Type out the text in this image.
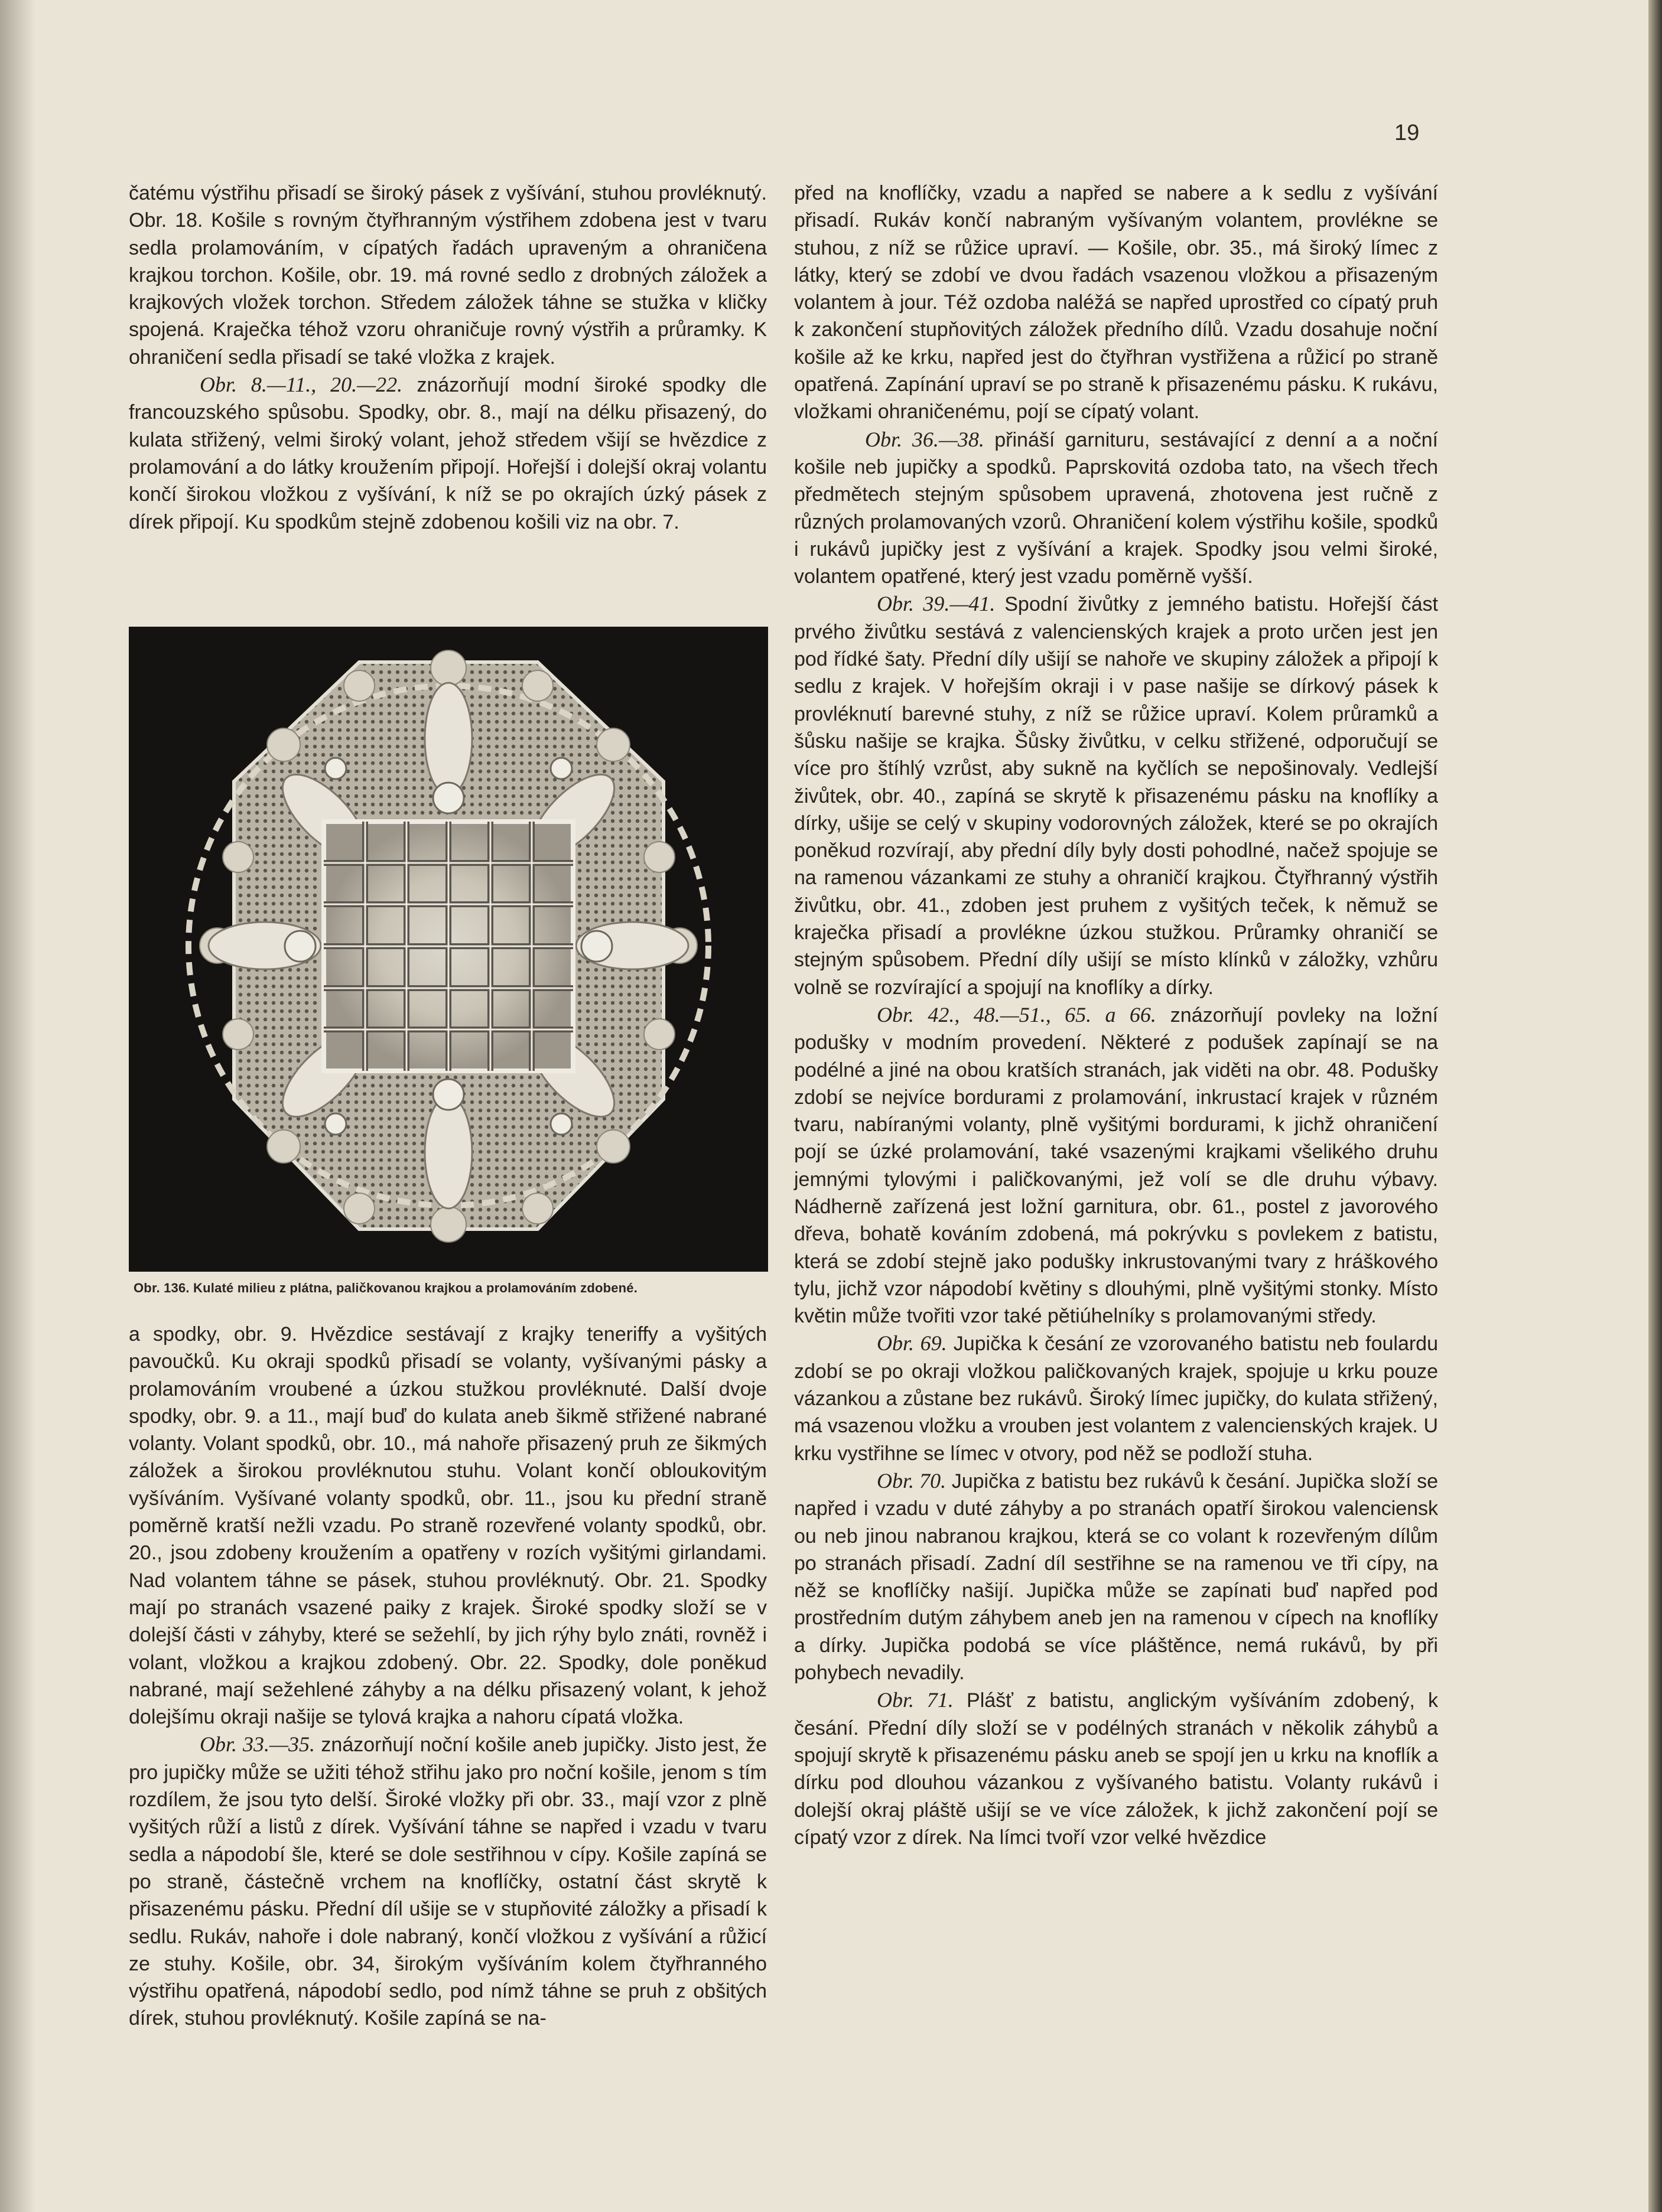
19

čatému výstřihu přisadí se široký pásek z vyšívání, stuhou provléknutý. Obr. 18. Košile s rovným čtyřhranným výstřihem zdobena jest v tvaru sedla prolamováním, v cípatých řadách upraveným a ohraničena krajkou torchon. Košile, obr. 19. má rovné sedlo z drobných záložek a krajkových vložek torchon. Středem záložek táhne se stužka v kličky spojená. Kraječka téhož vzoru ohraničuje rovný výstřih a průramky. K ohraničení sedla přisadí se také vložka z krajek.

Obr. 8.—11., 20.—22. znázorňují modní široké spodky dle francouzského spůsobu. Spodky, obr. 8., mají na délku přisazený, do kulata střižený, velmi široký volant, jehož středem všijí se hvězdice z prolamování a do látky kroužením připojí. Hořejší i dolejší okraj volantu končí širokou vložkou z vyšívání, k níž se po okrajích úzký pásek z dírek připojí. Ku spodkům stejně zdobenou košili viz na obr. 7.

Obr. 136. Kulaté milieu z plátna, paličkovanou krajkou a prolamováním zdobené.

a spodky, obr. 9. Hvězdice sestávají z krajky teneriffy a vyšitých pavoučků. Ku okraji spodků přisadí se volanty, vyšívanými pásky a prolamováním vroubené a úzkou stužkou provléknuté. Další dvoje spodky, obr. 9. a 11., mají buď do kulata aneb šikmě střižené nabrané volanty. Volant spodků, obr. 10., má nahoře přisazený pruh ze šikmých záložek a širokou provléknutou stuhu. Volant končí obloukovitým vyšíváním. Vyšívané volanty spodků, obr. 11., jsou ku přední straně poměrně kratší nežli vzadu. Po straně rozevřené volanty spodků, obr. 20., jsou zdobeny kroužením a opatřeny v rozích vyšitými girlandami. Nad volantem táhne se pásek, stuhou provléknutý. Obr. 21. Spodky mají po stranách vsazené paiky z krajek. Široké spodky složí se v dolejší části v záhyby, které se sežehlí, by jich rýhy bylo znáti, rovněž i volant, vložkou a krajkou zdobený. Obr. 22. Spodky, dole poněkud nabrané, mají sežehlené záhyby a na délku přisazený volant, k jehož dolejšímu okraji našije se tylová krajka a nahoru cípatá vložka.

Obr. 33.—35. znázorňují noční košile aneb jupičky. Jisto jest, že pro jupičky může se užiti téhož střihu jako pro noční košile, jenom s tím rozdílem, že jsou tyto delší. Široké vložky při obr. 33., mají vzor z plně vyšitých růží a listů z dírek. Vyšívání táhne se napřed i vzadu v tvaru sedla a nápodobí šle, které se dole sestřihnou v cípy. Košile zapíná se po straně, částečně vrchem na knoflíčky, ostatní část skrytě k přisazenému pásku. Přední díl ušije se v stupňovité záložky a přisadí k sedlu. Rukáv, nahoře i dole nabraný, končí vložkou z vyšívání a růžicí ze stuhy. Košile, obr. 34, širokým vyšíváním kolem čtyřhranného výstřihu opatřená, nápodobí sedlo, pod nímž táhne se pruh z obšitých dírek, stuhou provléknutý. Košile zapíná se na-

před na knoflíčky, vzadu a napřed se nabere a k sedlu z vyšívání přisadí. Rukáv končí nabraným vyšívaným volantem, provlékne se stuhou, z níž se růžice upraví. — Košile, obr. 35., má široký límec z látky, který se zdobí ve dvou řadách vsazenou vložkou a přisazeným volantem à jour. Též ozdoba naléžá se napřed uprostřed co cípatý pruh k zakončení stupňovitých záložek předního dílů. Vzadu dosahuje noční košile až ke krku, napřed jest do čtyřhran vystřižena a růžicí po straně opatřená. Zapínání upraví se po straně k přisazenému pásku. K rukávu, vložkami ohraničenému, pojí se cípatý volant.

Obr. 36.—38. přináší garnituru, sestávající z denní a a noční košile neb jupičky a spodků. Paprskovitá ozdoba tato, na všech třech předmětech stejným spůsobem upravená, zhotovena jest ručně z různých prolamovaných vzorů. Ohraničení kolem výstřihu košile, spodků i rukávů jupičky jest z vyšívání a krajek. Spodky jsou velmi široké, volantem opatřené, který jest vzadu poměrně vyšší.

Obr. 39.—41. Spodní živůtky z jemného batistu. Hořejší část prvého živůtku sestává z valencienských krajek a proto určen jest jen pod řídké šaty. Přední díly ušijí se nahoře ve skupiny záložek a připojí k sedlu z krajek. V hořejším okraji i v pase našije se dírkový pásek k provléknutí barevné stuhy, z níž se růžice upraví. Kolem průramků a šůsku našije se krajka. Šůsky živůtku, v celku střižené, odporučují se více pro štíhlý vzrůst, aby sukně na kyčlích se nepošinovaly. Vedlejší živůtek, obr. 40., zapíná se skrytě k přisazenému pásku na knoflíky a dírky, ušije se celý v skupiny vodorovných záložek, které se po okrajích poněkud rozvírají, aby přední díly byly dosti pohodlné, načež spojuje se na ramenou vázankami ze stuhy a ohraničí krajkou. Čtyřhranný výstřih živůtku, obr. 41., zdoben jest pruhem z vyšitých teček, k němuž se kraječka přisadí a provlékne úzkou stužkou. Průramky ohraničí se stejným spůsobem. Přední díly ušijí se místo klínků v záložky, vzhůru volně se rozvírající a spojují na knoflíky a dírky.

Obr. 42., 48.—51., 65. a 66. znázorňují povleky na ložní podušky v modním provedení. Některé z podušek zapínají se na podélné a jiné na obou kratších stranách, jak viděti na obr. 48. Podušky zdobí se nejvíce bordurami z prolamování, inkrustací krajek v různém tvaru, nabíranými volanty, plně vyšitými bordurami, k jichž ohraničení pojí se úzké prolamování, také vsazenými krajkami všelikého druhu jemnými tylovými i paličkovanými, jež volí se dle druhu výbavy. Nádherně zařízená jest ložní garnitura, obr. 61., postel z javorového dřeva, bohatě kováním zdobená, má pokrývku s povlekem z batistu, která se zdobí stejně jako podušky inkrustovanými tvary z hráškového tylu, jichž vzor nápodobí květiny s dlouhými, plně vyšitými stonky. Místo květin může tvořiti vzor také pětiúhelníky s prolamovanými středy.

Obr. 69. Jupička k česání ze vzorovaného batistu neb foulardu zdobí se po okraji vložkou paličkovaných krajek, spojuje u krku pouze vázankou a zůstane bez rukávů. Široký límec jupičky, do kulata střižený, má vsazenou vložku a vrouben jest volantem z valencienských krajek. U krku vystřihne se límec v otvory, pod něž se podloží stuha.

Obr. 70. Jupička z batistu bez rukávů k česání. Jupička složí se napřed i vzadu v duté záhyby a po stranách opatří širokou valenciensk​ou neb jinou nabranou krajkou, která se co volant k rozevřeným dílům po stranách přisadí. Zadní díl sestřihne se na ramenou ve tři cípy, na něž se knoflíčky našijí. Jupička může se zapínati buď napřed pod prostředním dutým záhybem aneb jen na ramenou v cípech na knoflíky a dírky. Jupička podobá se více pláštěnce, nemá rukávů, by při pohybech nevadily.

Obr. 71. Plášť z batistu, anglickým vyšíváním zdobený, k česání. Přední díly složí se v podélných stranách v několik záhybů a spojují skrytě k přisazenému pásku aneb se spojí jen u krku na knoflík a dírku pod dlouhou vázankou z vyšívaného batistu. Volanty rukávů i dolejší okraj pláště ušijí se ve více záložek, k jichž zakončení pojí se cípatý vzor z dírek. Na límci tvoří vzor velké hvězdice
